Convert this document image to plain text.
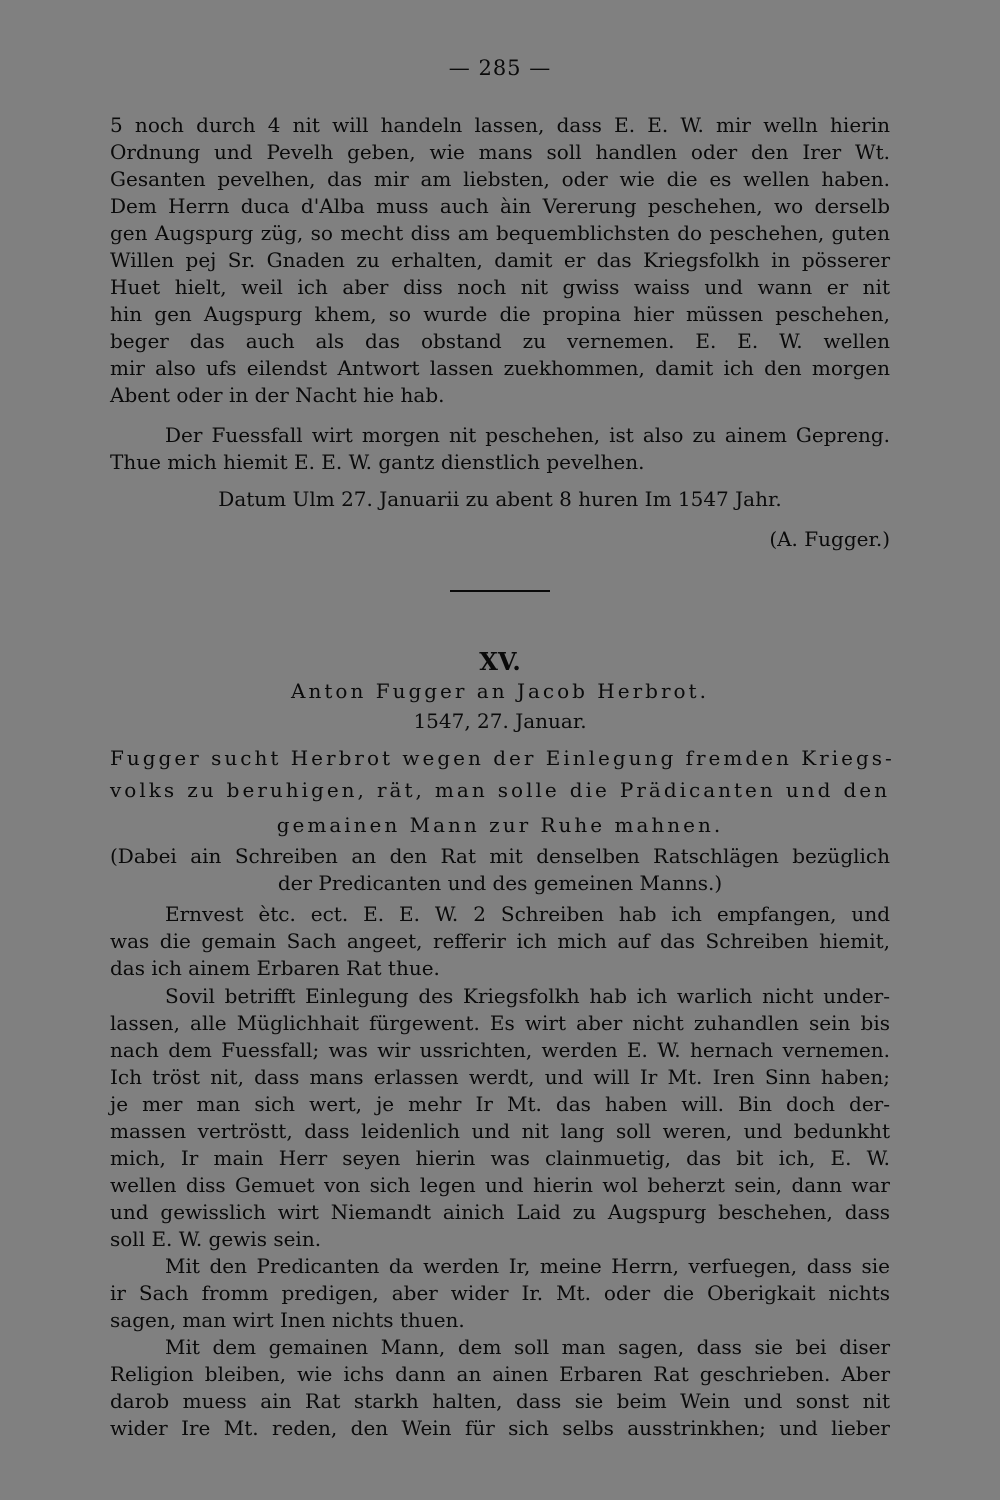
— 285 —
5 noch durch 4 nit will handeln lassen, dass E. E. W. mir welln hierin
Ordnung und Pevelh geben, wie mans soll handlen oder den Irer Wt.
Gesanten pevelhen, das mir am liebsten, oder wie die es wellen haben.
Dem Herrn duca d'Alba muss auch àin Vererung peschehen, wo derselb
gen Augspurg züg, so mecht diss am bequemblichsten do peschehen, guten
Willen pej Sr. Gnaden zu erhalten, damit er das Kriegsfolkh in pösserer
Huet hielt, weil ich aber diss noch nit gwiss waiss und wann er nit
hin gen Augspurg khem, so wurde die propina hier müssen peschehen,
beger das auch als das obstand zu vernemen. E. E. W. wellen
mir also ufs eilendst Antwort lassen zuekhommen, damit ich den morgen
Abent oder in der Nacht hie hab.
Der Fuessfall wirt morgen nit peschehen, ist also zu ainem Gepreng.
Thue mich hiemit E. E. W. gantz dienstlich pevelhen.
Datum Ulm 27. Januarii zu abent 8 huren Im 1547 Jahr.
(A. Fugger.)
XV.
Anton Fugger an Jacob Herbrot.
1547, 27. Januar.
Fugger sucht Herbrot wegen der Einlegung fremden Kriegs-
volks zu beruhigen, rät, man solle die Prädicanten und den
gemainen Mann zur Ruhe mahnen.
(Dabei ain Schreiben an den Rat mit denselben Ratschlägen bezüglich
der Predicanten und des gemeinen Manns.)
Ernvest ètc. ect. E. E. W. 2 Schreiben hab ich empfangen, und
was die gemain Sach angeet, refferir ich mich auf das Schreiben hiemit,
das ich ainem Erbaren Rat thue.
Sovil betrifft Einlegung des Kriegsfolkh hab ich warlich nicht under-
lassen, alle Müglichhait fürgewent. Es wirt aber nicht zuhandlen sein bis
nach dem Fuessfall; was wir ussrichten, werden E. W. hernach vernemen.
Ich tröst nit, dass mans erlassen werdt, und will Ir Mt. Iren Sinn haben;
je mer man sich wert, je mehr Ir Mt. das haben will. Bin doch der-
massen vertröstt, dass leidenlich und nit lang soll weren, und bedunkht
mich, Ir main Herr seyen hierin was clainmuetig, das bit ich, E. W.
wellen diss Gemuet von sich legen und hierin wol beherzt sein, dann war
und gewisslich wirt Niemandt ainich Laid zu Augspurg beschehen, dass
soll E. W. gewis sein.
Mit den Predicanten da werden Ir, meine Herrn, verfuegen, dass sie
ir Sach fromm predigen, aber wider Ir. Mt. oder die Oberigkait nichts
sagen, man wirt Inen nichts thuen.
Mit dem gemainen Mann, dem soll man sagen, dass sie bei diser
Religion bleiben, wie ichs dann an ainen Erbaren Rat geschrieben. Aber
darob muess ain Rat starkh halten, dass sie beim Wein und sonst nit
wider Ire Mt. reden, den Wein für sich selbs ausstrinkhen; und lieber
